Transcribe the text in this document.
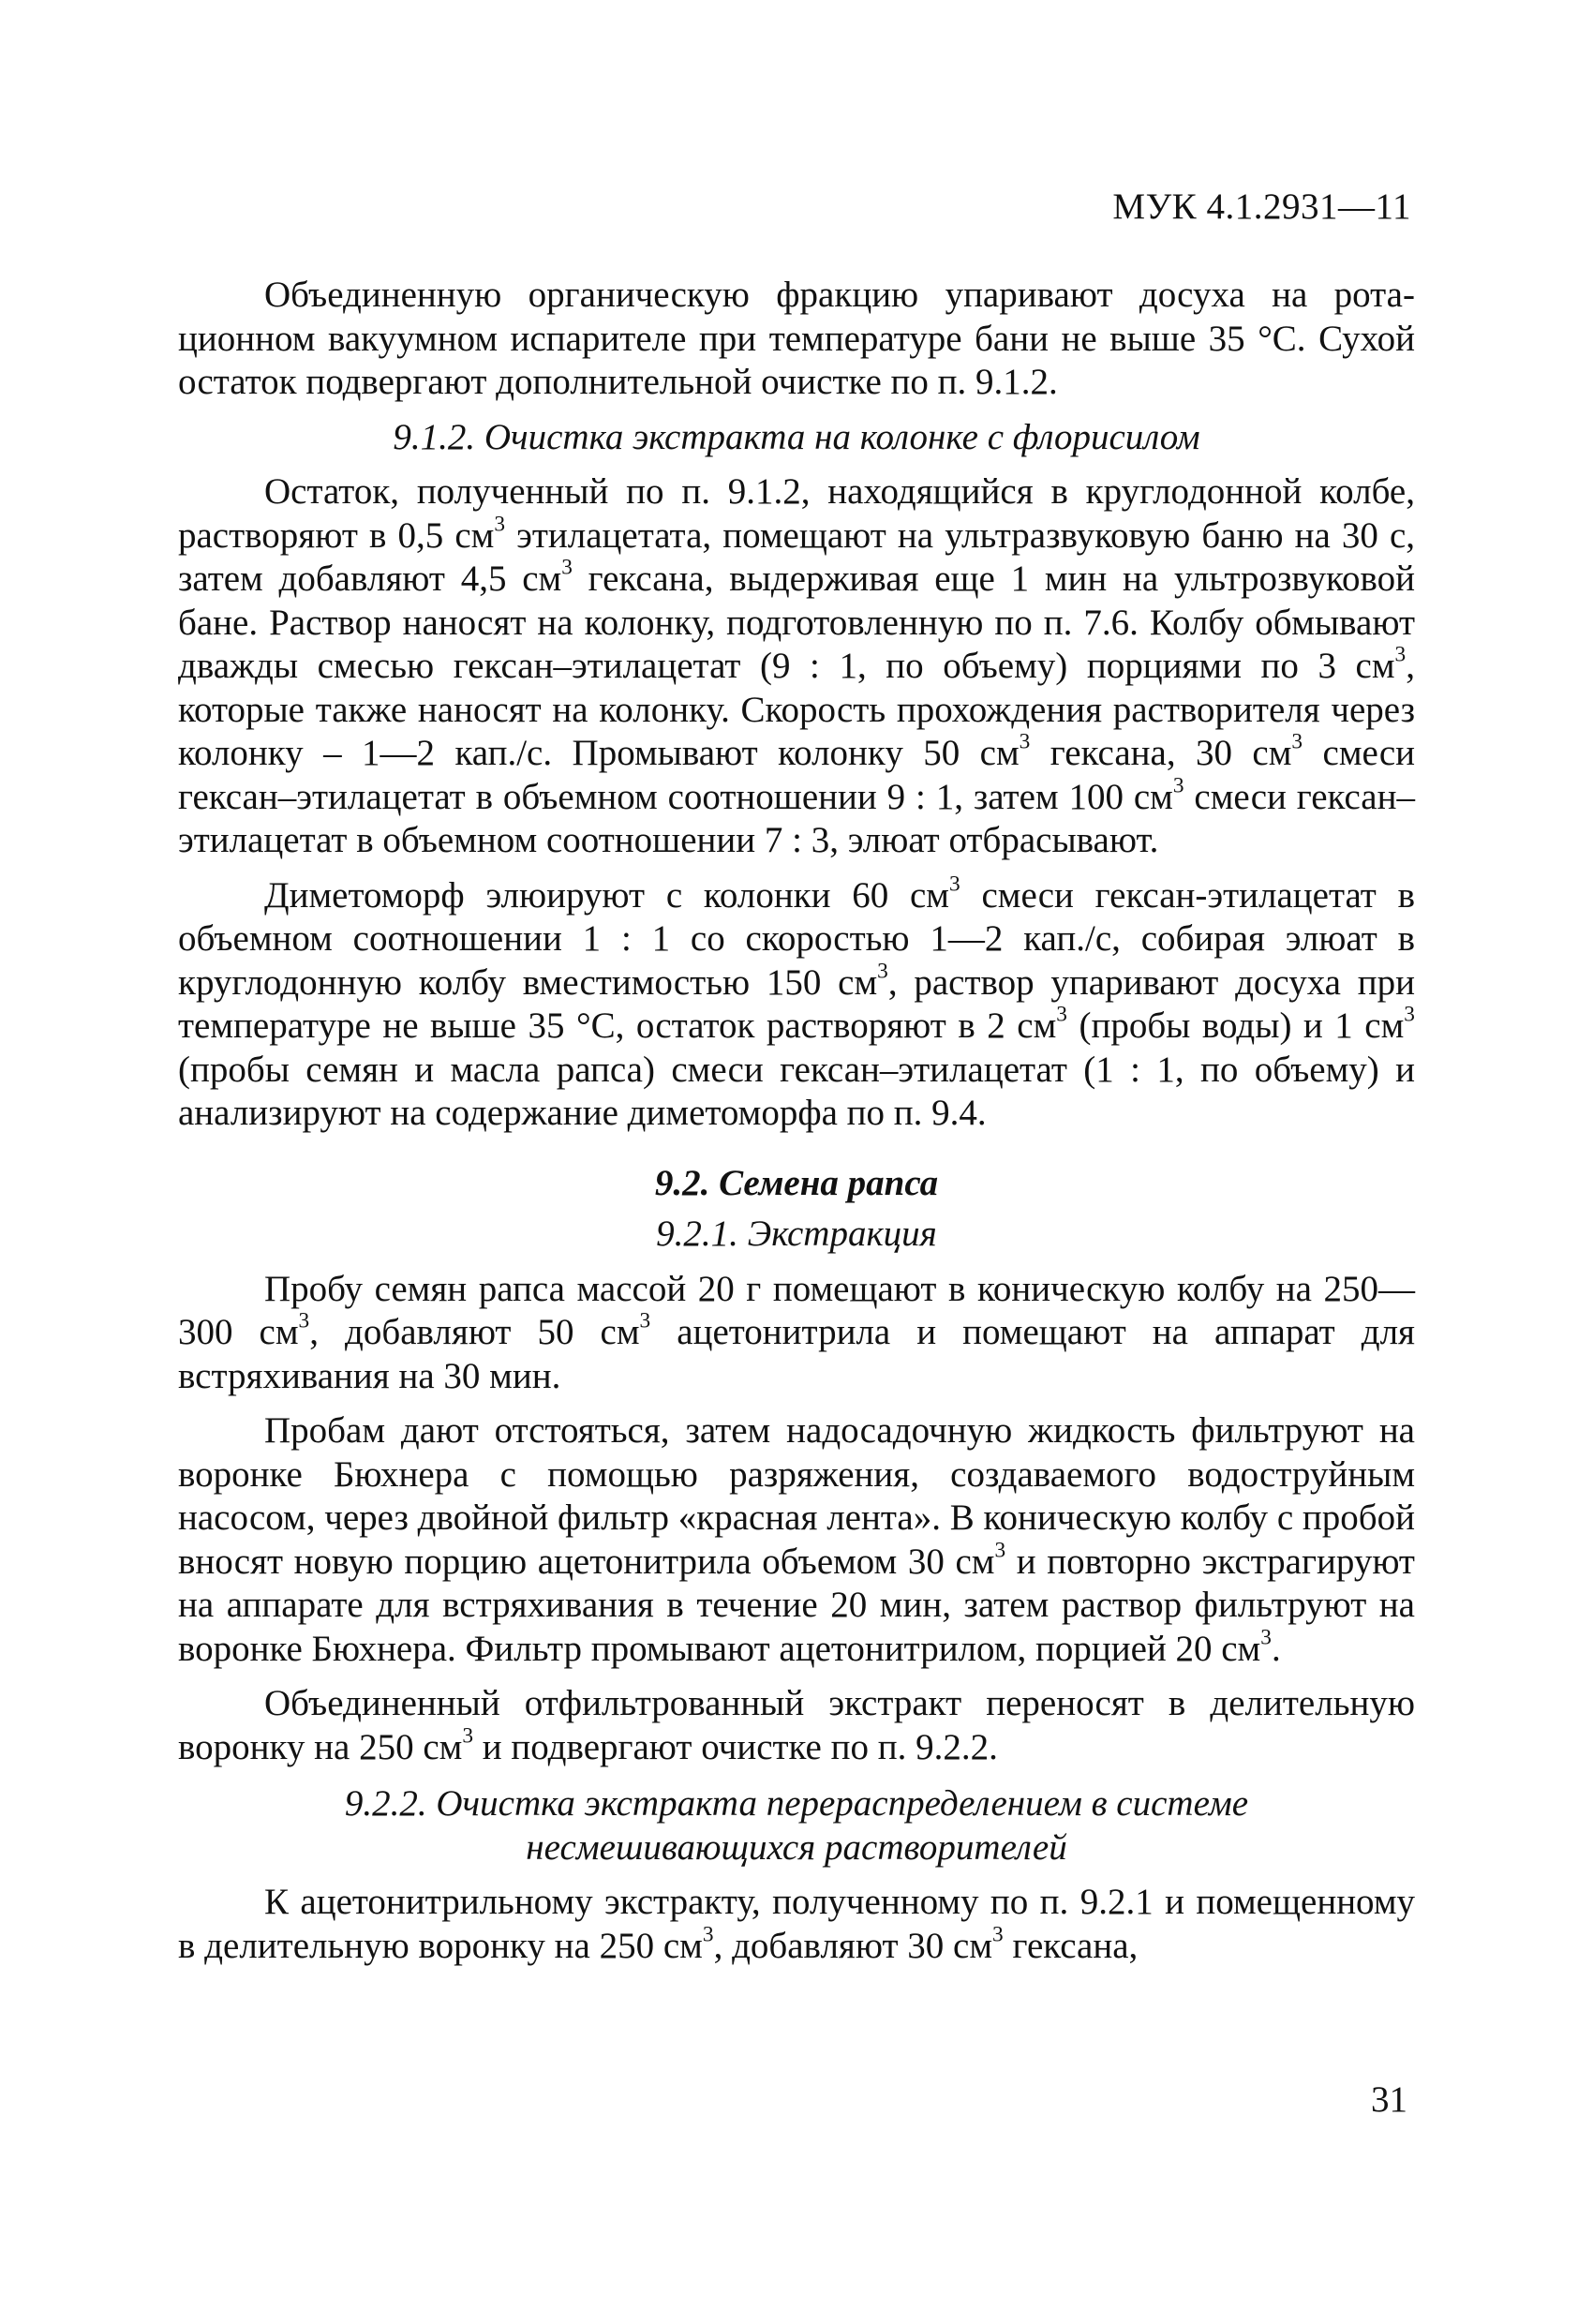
МУК 4.1.2931—11

Объединенную органическую фракцию упаривают досуха на ротационном вакуумном испарителе при температуре бани не выше 35 °С. Сухой остаток подвергают дополнительной очистке по п. 9.1.2.

9.1.2. Очистка экстракта на колонке с флорисилом

Остаток, полученный по п. 9.1.2, находящийся в круглодонной колбе, растворяют в 0,5 $см^3$ этилацетата, помещают на ультразвуковую баню на 30 с, затем добавляют 4,5 $см^3$ гексана, выдерживая еще 1 мин на ультрозвуковой бане. Раствор наносят на колонку, подготовленную по п. 7.6. Колбу обмывают дважды смесью гексан–этилацетат (9 : 1, по объему) порциями по 3 $см^3$, которые также наносят на колонку. Скорость прохождения растворителя через колонку – 1—2 кап./с. Промывают колонку 50 $см^3$ гексана, 30 $см^3$ смеси гексан–этилацетат в объемном соотношении 9 : 1, затем 100 $см^3$ смеси гексан–этилацетат в объемном соотношении 7 : 3, элюат отбрасывают.

Диметоморф элюируют с колонки 60 $см^3$ смеси гексан-этилацетат в объемном соотношении 1 : 1 со скоростью 1—2 кап./с, собирая элюат в круглодонную колбу вместимостью 150 $см^3$, раствор упаривают досуха при температуре не выше 35 °С, остаток растворяют в 2 $см^3$ (пробы воды) и 1 $см^3$ (пробы семян и масла рапса) смеси гексан–этилацетат (1 : 1, по объему) и анализируют на содержание диметоморфа по п. 9.4.

9.2. Семена рапса

9.2.1. Экстракция

Пробу семян рапса массой 20 г помещают в коническую колбу на 250—300 $см^3$, добавляют 50 $см^3$ ацетонитрила и помещают на аппарат для встряхивания на 30 мин.

Пробам дают отстояться, затем надосадочную жидкость фильтруют на воронке Бюхнера с помощью разряжения, создаваемого водоструйным насосом, через двойной фильтр «красная лента». В коническую колбу с пробой вносят новую порцию ацетонитрила объемом 30 $см^3$ и повторно экстрагируют на аппарате для встряхивания в течение 20 мин, затем раствор фильтруют на воронке Бюхнера. Фильтр промывают ацетонитрилом, порцией 20 $см^3$.

Объединенный отфильтрованный экстракт переносят в делительную воронку на 250 $см^3$ и подвергают очистке по п. 9.2.2.

9.2.2. Очистка экстракта перераспределением в системе
несмешивающихся растворителей

К ацетонитрильному экстракту, полученному по п. 9.2.1 и помещенному в делительную воронку на 250 $см^3$, добавляют 30 $см^3$ гексана,

31
